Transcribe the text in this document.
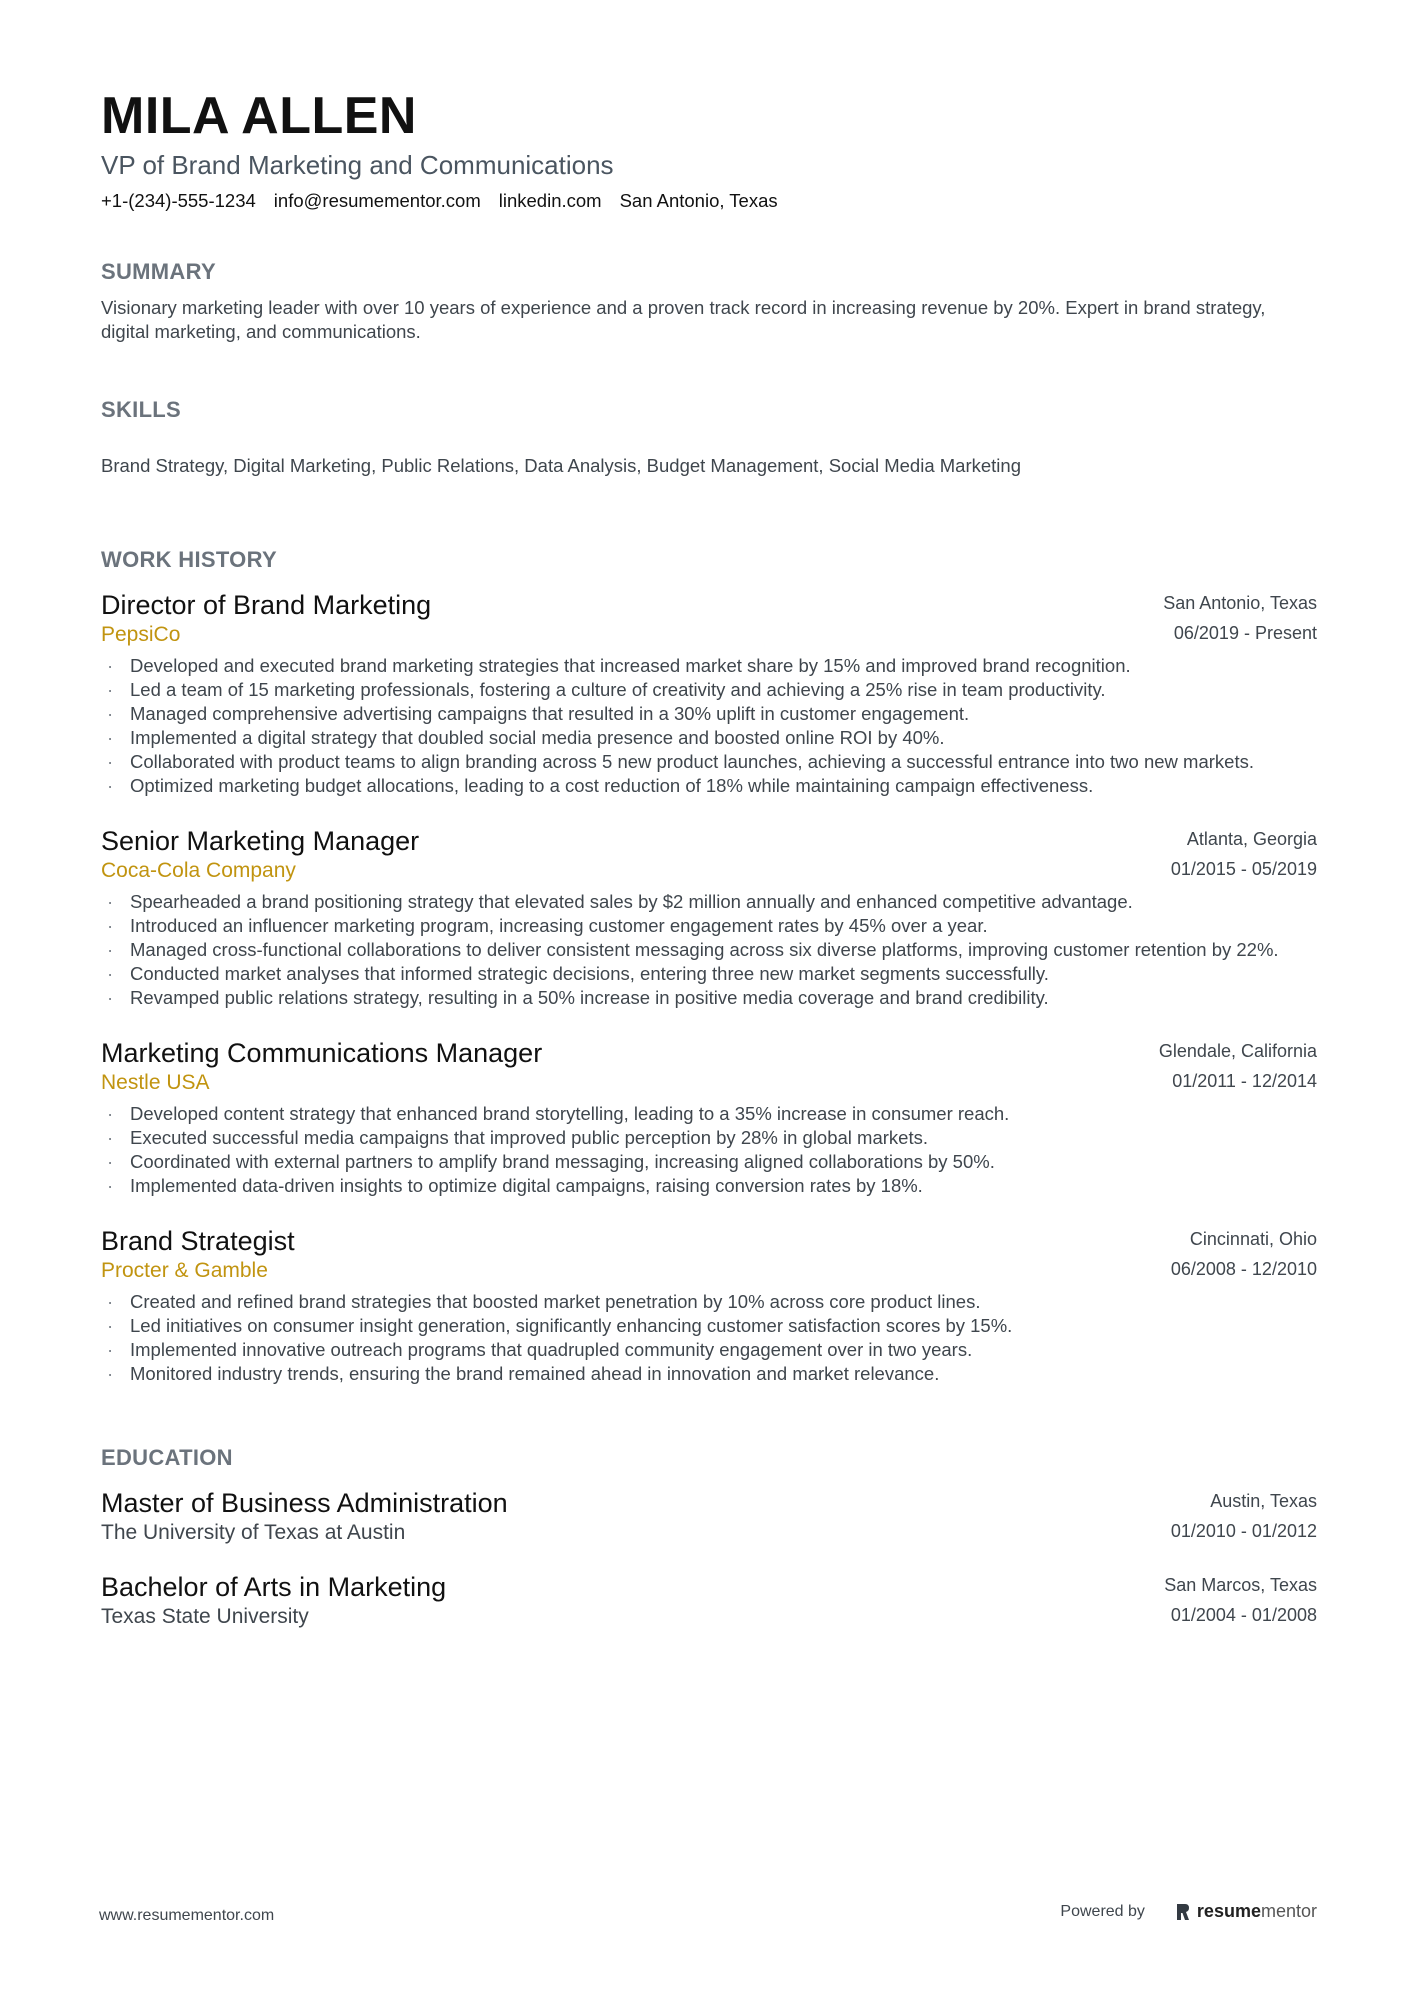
MILA ALLEN
VP of Brand Marketing and Communications
+1-(234)-555-1234 info@resumementor.com linkedin.com San Antonio, Texas
SUMMARY
Visionary marketing leader with over 10 years of experience and a proven track record in increasing revenue by 20%. Expert in brand strategy, digital marketing, and communications.
SKILLS
Brand Strategy, Digital Marketing, Public Relations, Data Analysis, Budget Management, Social Media Marketing
WORK HISTORY
Director of Brand Marketing
PepsiCo
San Antonio, Texas
06/2019 - Present
· Developed and executed brand marketing strategies that increased market share by 15% and improved brand recognition.
· Led a team of 15 marketing professionals, fostering a culture of creativity and achieving a 25% rise in team productivity.
· Managed comprehensive advertising campaigns that resulted in a 30% uplift in customer engagement.
· Implemented a digital strategy that doubled social media presence and boosted online ROI by 40%.
· Collaborated with product teams to align branding across 5 new product launches, achieving a successful entrance into two new markets.
· Optimized marketing budget allocations, leading to a cost reduction of 18% while maintaining campaign effectiveness.
Senior Marketing Manager
Coca-Cola Company
Atlanta, Georgia
01/2015 - 05/2019
· Spearheaded a brand positioning strategy that elevated sales by $2 million annually and enhanced competitive advantage.
· Introduced an influencer marketing program, increasing customer engagement rates by 45% over a year.
· Managed cross-functional collaborations to deliver consistent messaging across six diverse platforms, improving customer retention by 22%.
· Conducted market analyses that informed strategic decisions, entering three new market segments successfully.
· Revamped public relations strategy, resulting in a 50% increase in positive media coverage and brand credibility.
Marketing Communications Manager
Nestle USA
Glendale, California
01/2011 - 12/2014
· Developed content strategy that enhanced brand storytelling, leading to a 35% increase in consumer reach.
· Executed successful media campaigns that improved public perception by 28% in global markets.
· Coordinated with external partners to amplify brand messaging, increasing aligned collaborations by 50%.
· Implemented data-driven insights to optimize digital campaigns, raising conversion rates by 18%.
Brand Strategist
Procter & Gamble
Cincinnati, Ohio
06/2008 - 12/2010
· Created and refined brand strategies that boosted market penetration by 10% across core product lines.
· Led initiatives on consumer insight generation, significantly enhancing customer satisfaction scores by 15%.
· Implemented innovative outreach programs that quadrupled community engagement over in two years.
· Monitored industry trends, ensuring the brand remained ahead in innovation and market relevance.
EDUCATION
Master of Business Administration
The University of Texas at Austin
Austin, Texas
01/2010 - 01/2012
Bachelor of Arts in Marketing
Texas State University
San Marcos, Texas
01/2004 - 01/2008
www.resumementor.com	Powered by	resumementor
